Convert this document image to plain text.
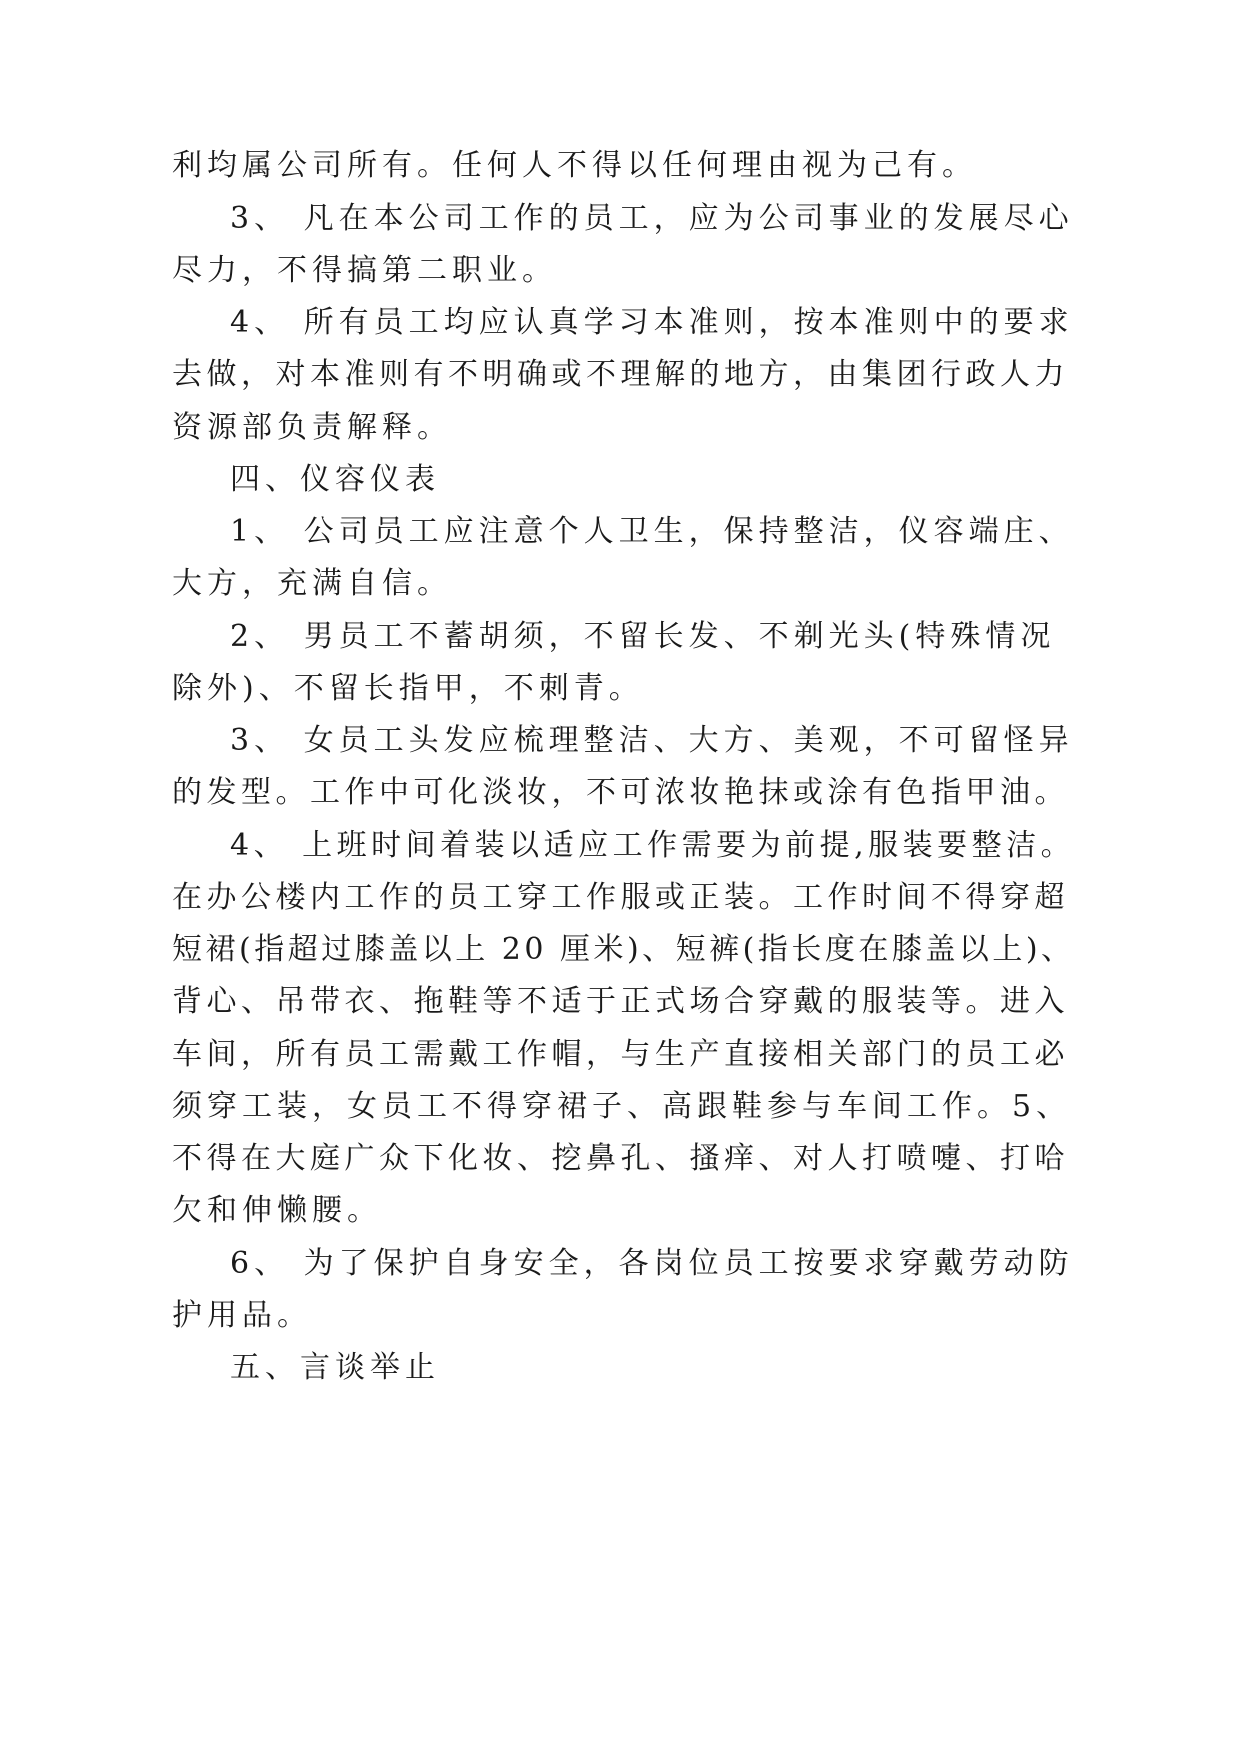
利均属公司所有。任何人不得以任何理由视为己有。

3、 凡在本公司工作的员工，应为公司事业的发展尽心

尽力，不得搞第二职业。

4、 所有员工均应认真学习本准则，按本准则中的要求

去做，对本准则有不明确或不理解的地方，由集团行政人力

资源部负责解释。

四、仪容仪表

1、 公司员工应注意个人卫生，保持整洁，仪容端庄、

大方，充满自信。

2、 男员工不蓄胡须，不留长发、不剃光头(特殊情况

除外)、不留长指甲，不刺青。

3、 女员工头发应梳理整洁、大方、美观，不可留怪异

的发型。工作中可化淡妆，不可浓妆艳抹或涂有色指甲油。

4、 上班时间着装以适应工作需要为前提,服装要整洁。

在办公楼内工作的员工穿工作服或正装。工作时间不得穿超

短裙(指超过膝盖以上 20 厘米)、短裤(指长度在膝盖以上)、

背心、吊带衣、拖鞋等不适于正式场合穿戴的服装等。进入

车间，所有员工需戴工作帽，与生产直接相关部门的员工必

须穿工装，女员工不得穿裙子、高跟鞋参与车间工作。5、

不得在大庭广众下化妆、挖鼻孔、搔痒、对人打喷嚏、打哈

欠和伸懒腰。

6、 为了保护自身安全，各岗位员工按要求穿戴劳动防

护用品。

五、言谈举止
